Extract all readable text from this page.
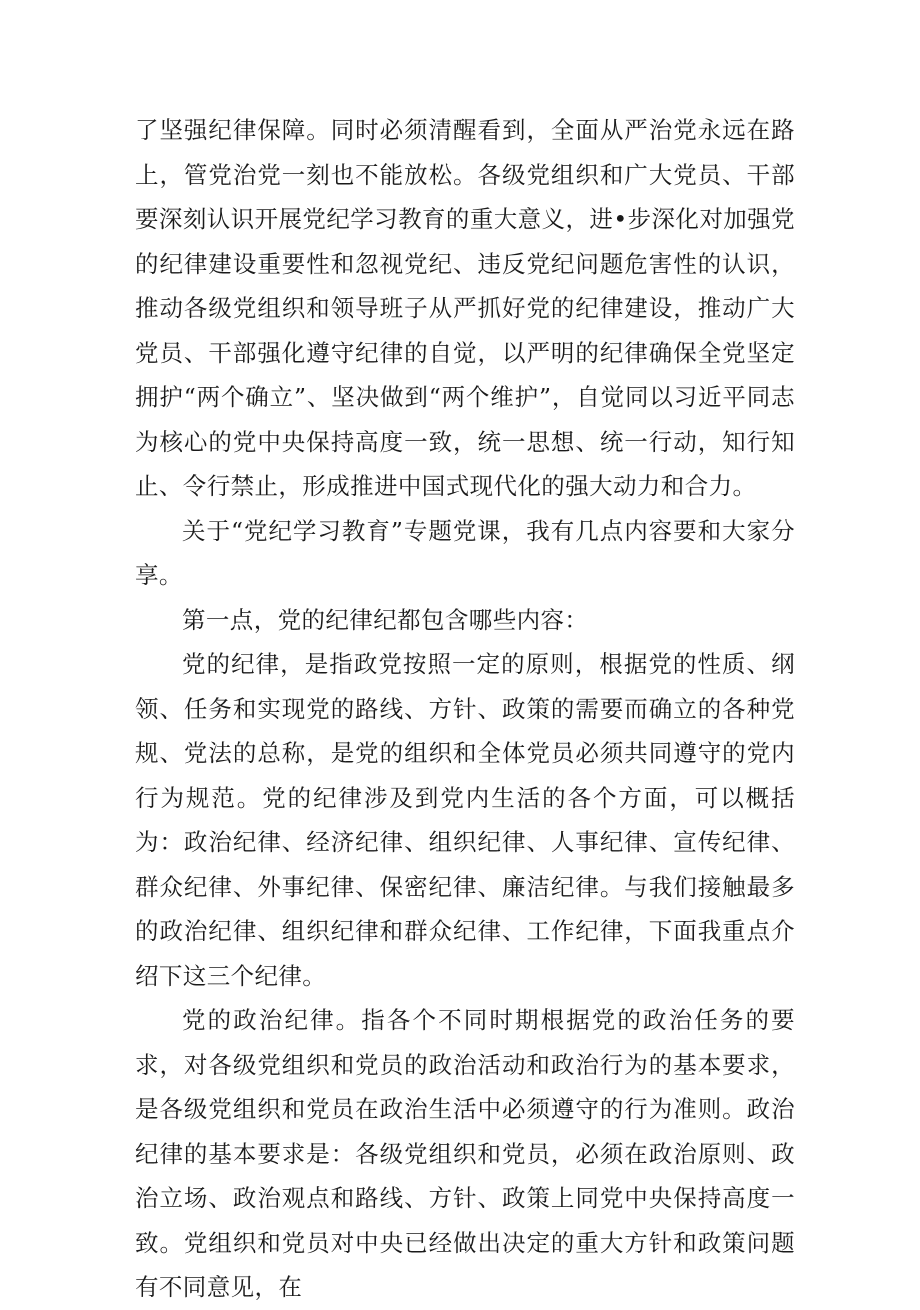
了坚强纪律保障。同时必须清醒看到，全面从严治党永远在路上，管党治党一刻也不能放松。各级党组织和广大党员、干部要深刻认识开展党纪学习教育的重大意义，进•步深化对加强党的纪律建设重要性和忽视党纪、违反党纪问题危害性的认识，推动各级党组织和领导班子从严抓好党的纪律建设，推动广大党员、干部强化遵守纪律的自觉，以严明的纪律确保全党坚定拥护“两个确立”、坚决做到“两个维护”，自觉同以习近平同志为核心的党中央保持高度一致，统一思想、统一行动，知行知止、令行禁止，形成推进中国式现代化的强大动力和合力。

关于“党纪学习教育”专题党课，我有几点内容要和大家分享。

第一点，党的纪律纪都包含哪些内容：

党的纪律，是指政党按照一定的原则，根据党的性质、纲领、任务和实现党的路线、方针、政策的需要而确立的各种党规、党法的总称，是党的组织和全体党员必须共同遵守的党内行为规范。党的纪律涉及到党内生活的各个方面，可以概括为：政治纪律、经济纪律、组织纪律、人事纪律、宣传纪律、群众纪律、外事纪律、保密纪律、廉洁纪律。与我们接触最多的政治纪律、组织纪律和群众纪律、工作纪律，下面我重点介绍下这三个纪律。

党的政治纪律。指各个不同时期根据党的政治任务的要求，对各级党组织和党员的政治活动和政治行为的基本要求，是各级党组织和党员在政治生活中必须遵守的行为准则。政治纪律的基本要求是：各级党组织和党员，必须在政治原则、政治立场、政治观点和路线、方针、政策上同党中央保持高度一致。党组织和党员对中央已经做出决定的重大方针和政策问题有不同意见，在
